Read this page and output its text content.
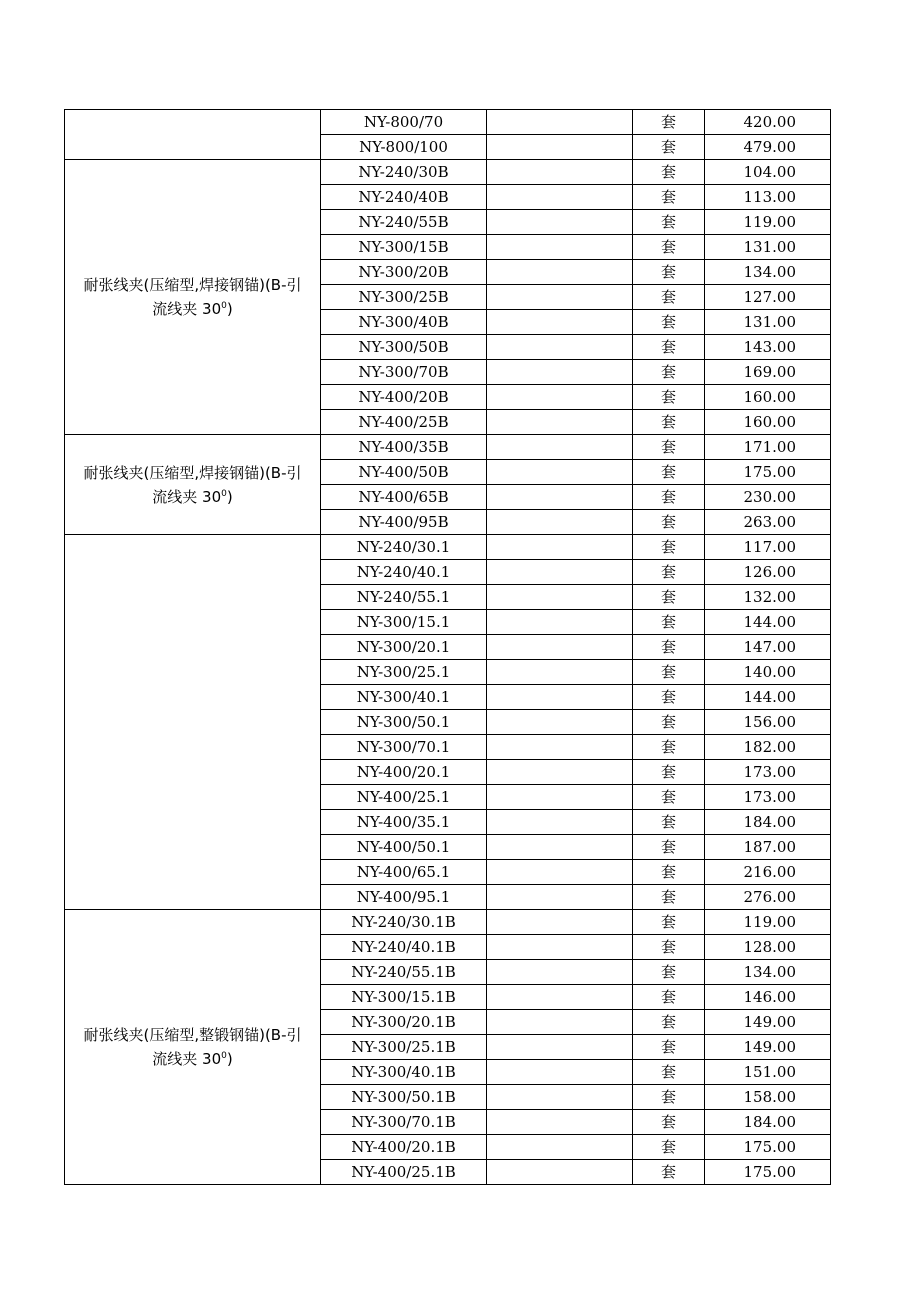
	NY-800/70		套	420.00
	NY-800/100		套	479.00
耐张线夹(压缩型,焊接钢锚)(B-引流线夹 $30^0$)	NY-240/30B		套	104.00
	NY-240/40B		套	113.00
	NY-240/55B		套	119.00
	NY-300/15B		套	131.00
	NY-300/20B		套	134.00
	NY-300/25B		套	127.00
	NY-300/40B		套	131.00
	NY-300/50B		套	143.00
	NY-300/70B		套	169.00
	NY-400/20B		套	160.00
	NY-400/25B		套	160.00
耐张线夹(压缩型,焊接钢锚)(B-引流线夹 $30^0$)	NY-400/35B		套	171.00
	NY-400/50B		套	175.00
	NY-400/65B		套	230.00
	NY-400/95B		套	263.00
	NY-240/30.1		套	117.00
	NY-240/40.1		套	126.00
	NY-240/55.1		套	132.00
	NY-300/15.1		套	144.00
	NY-300/20.1		套	147.00
	NY-300/25.1		套	140.00
	NY-300/40.1		套	144.00
	NY-300/50.1		套	156.00
	NY-300/70.1		套	182.00
	NY-400/20.1		套	173.00
	NY-400/25.1		套	173.00
	NY-400/35.1		套	184.00
	NY-400/50.1		套	187.00
	NY-400/65.1		套	216.00
	NY-400/95.1		套	276.00
耐张线夹(压缩型,整锻钢锚)(B-引流线夹 $30^0$)	NY-240/30.1B		套	119.00
	NY-240/40.1B		套	128.00
	NY-240/55.1B		套	134.00
	NY-300/15.1B		套	146.00
	NY-300/20.1B		套	149.00
	NY-300/25.1B		套	149.00
	NY-300/40.1B		套	151.00
	NY-300/50.1B		套	158.00
	NY-300/70.1B		套	184.00
	NY-400/20.1B		套	175.00
	NY-400/25.1B		套	175.00
